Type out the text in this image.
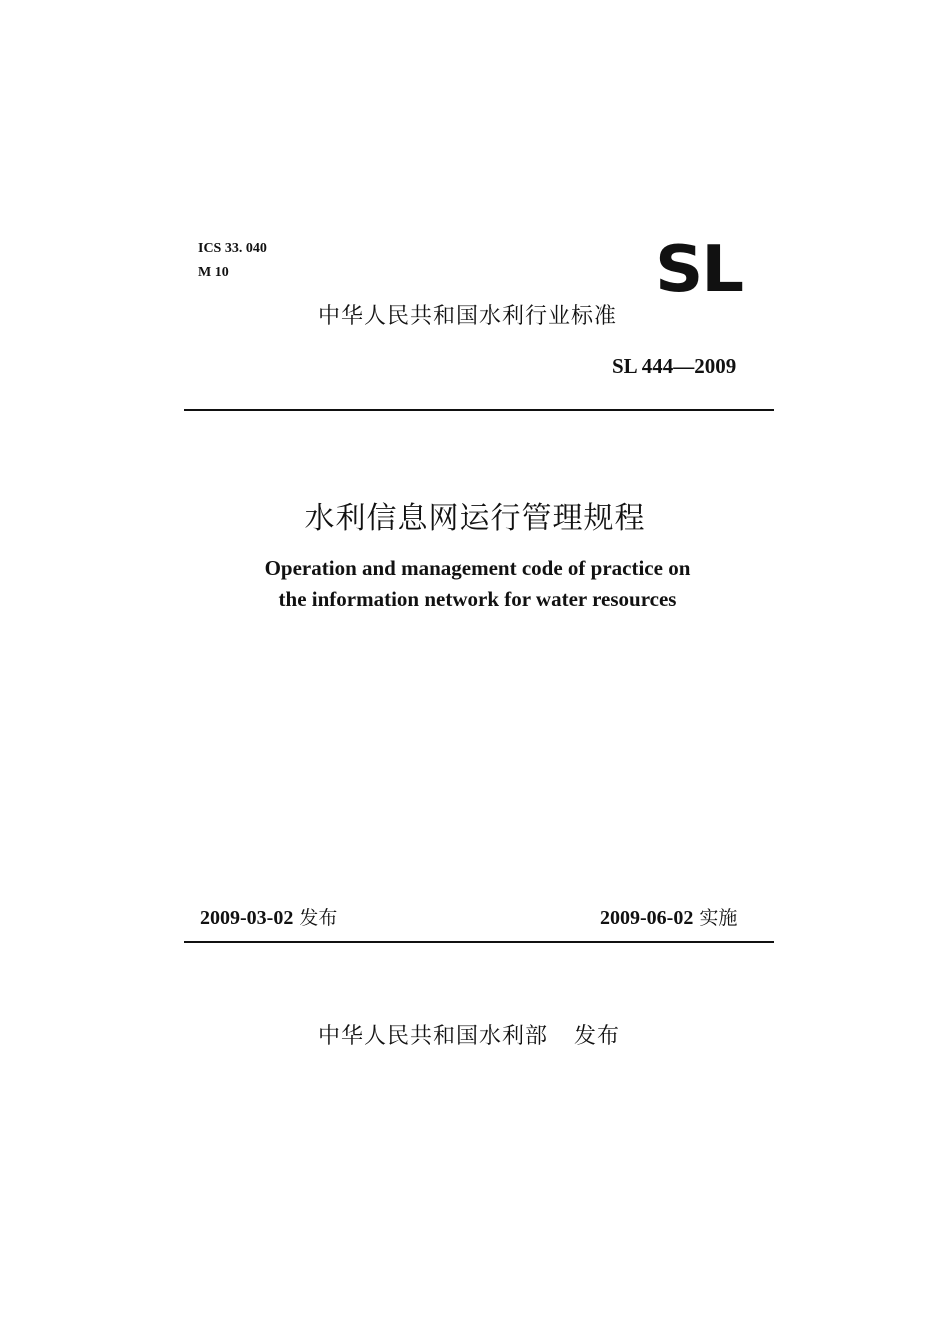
ICS 33. 040
M 10	SL
中华人民共和国水利行业标准
SL 444—2009
水利信息网运行管理规程
Operation and management code of practice on
the information network for water resources
2009-03-02 发布	2009-06-02 实施
中华人民共和国水利部 发布
